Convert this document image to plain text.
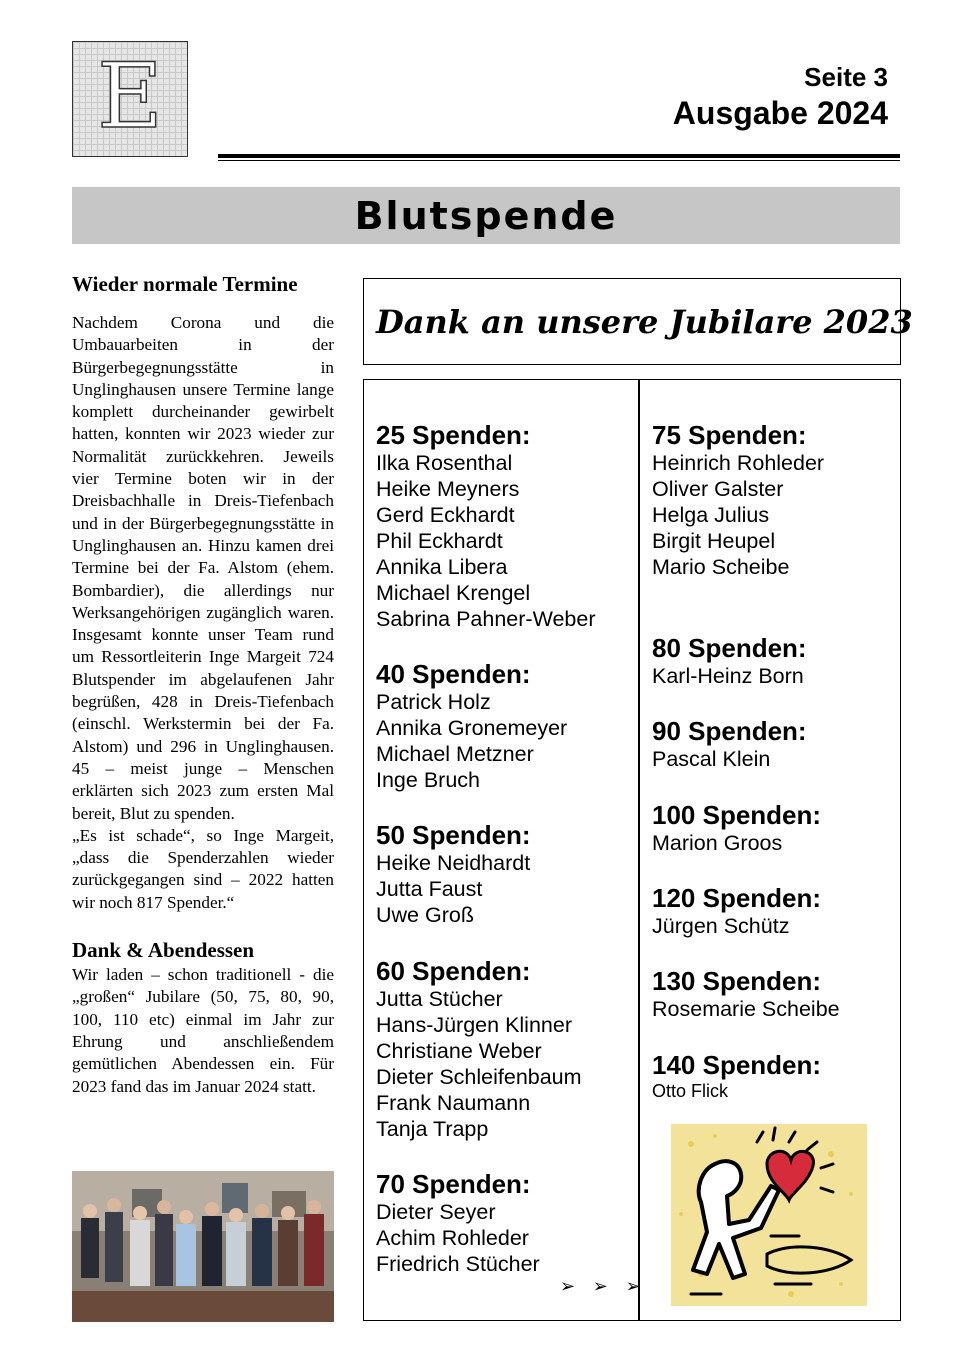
E	Seite 3
Ausgabe 2024
Blutspende

Wieder normale Termine

Nachdem Corona und die Umbauarbeiten in der Bürgerbegegnungsstätte in Unglinghausen unsere Termine lange komplett durcheinander gewirbelt hatten, konnten wir 2023 wieder zur Normalität zurückkehren. Jeweils vier Termine boten wir in der Dreisbachhalle in Dreis-Tiefenbach und in der Bürgerbegegnungsstätte in Unglinghausen an. Hinzu kamen drei Termine bei der Fa. Alstom (ehem. Bombardier), die allerdings nur Werksangehörigen zugänglich waren. Insgesamt konnte unser Team rund um Ressortleiterin Inge Margeit 724 Blutspender im abgelaufenen Jahr begrüßen, 428 in Dreis-Tiefenbach (einschl. Werkstermin bei der Fa. Alstom) und 296 in Unglinghausen. 45 – meist junge – Menschen erklärten sich 2023 zum ersten Mal bereit, Blut zu spenden.

„Es ist schade“, so Inge Margeit, „dass die Spenderzahlen wieder zurückgegangen sind – 2022 hatten wir noch 817 Spender.“

Dank & Abendessen

Wir laden – schon traditionell - die „großen“ Jubilare (50, 75, 80, 90, 100, 110 etc) einmal im Jahr zur Ehrung und anschließendem gemütlichen Abendessen ein. Für 2023 fand das im Januar 2024 statt.

Dank an unsere Jubilare 2023

25 Spenden:

Ilka Rosenthal

Heike Meyners

Gerd Eckhardt

Phil Eckhardt

Annika Libera

Michael Krengel

Sabrina Pahner-Weber

40 Spenden:

Patrick Holz

Annika Gronemeyer

Michael Metzner

Inge Bruch

50 Spenden:

Heike Neidhardt

Jutta Faust

Uwe Groß

60 Spenden:

Jutta Stücher

Hans-Jürgen Klinner

Christiane Weber

Dieter Schleifenbaum

Frank Naumann

Tanja Trapp

70 Spenden:

Dieter Seyer

Achim Rohleder

Friedrich Stücher

➢ ➢ ➢

75 Spenden:

Heinrich Rohleder

Oliver Galster

Helga Julius

Birgit Heupel

Mario Scheibe

80 Spenden:

Karl-Heinz Born

90 Spenden:

Pascal Klein

100 Spenden:

Marion Groos

120 Spenden:

Jürgen Schütz

130 Spenden:

Rosemarie Scheibe

140 Spenden:

Otto Flick
